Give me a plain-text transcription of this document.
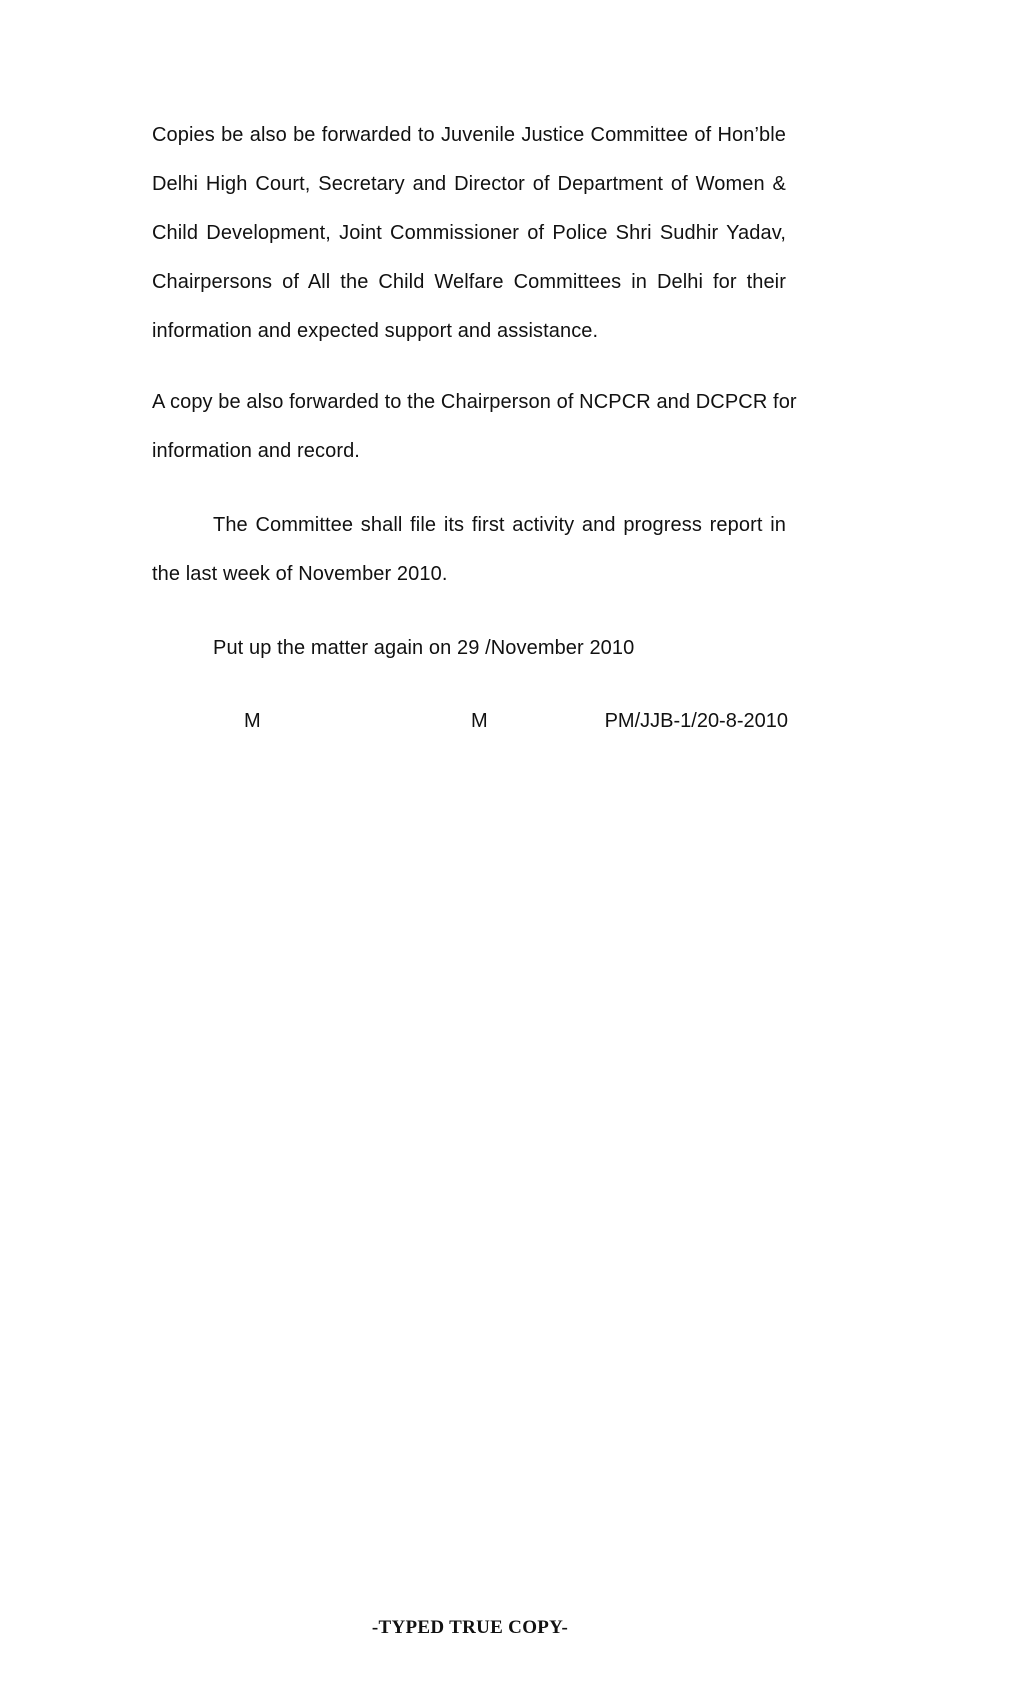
Copies be also be forwarded to Juvenile Justice Committee of Hon’ble
Delhi High Court, Secretary and Director of Department of Women &
Child Development, Joint Commissioner of Police Shri Sudhir Yadav,
Chairpersons of All the Child Welfare Committees in Delhi for their
information and expected support and assistance.
A copy be also forwarded to the Chairperson of NCPCR and DCPCR for
information and record.
The Committee shall file its first activity and progress report in
the last week of November 2010.
Put up the matter again on 29 /November 2010
M	M	PM/JJB-1/20-8-2010
-TYPED TRUE COPY-
